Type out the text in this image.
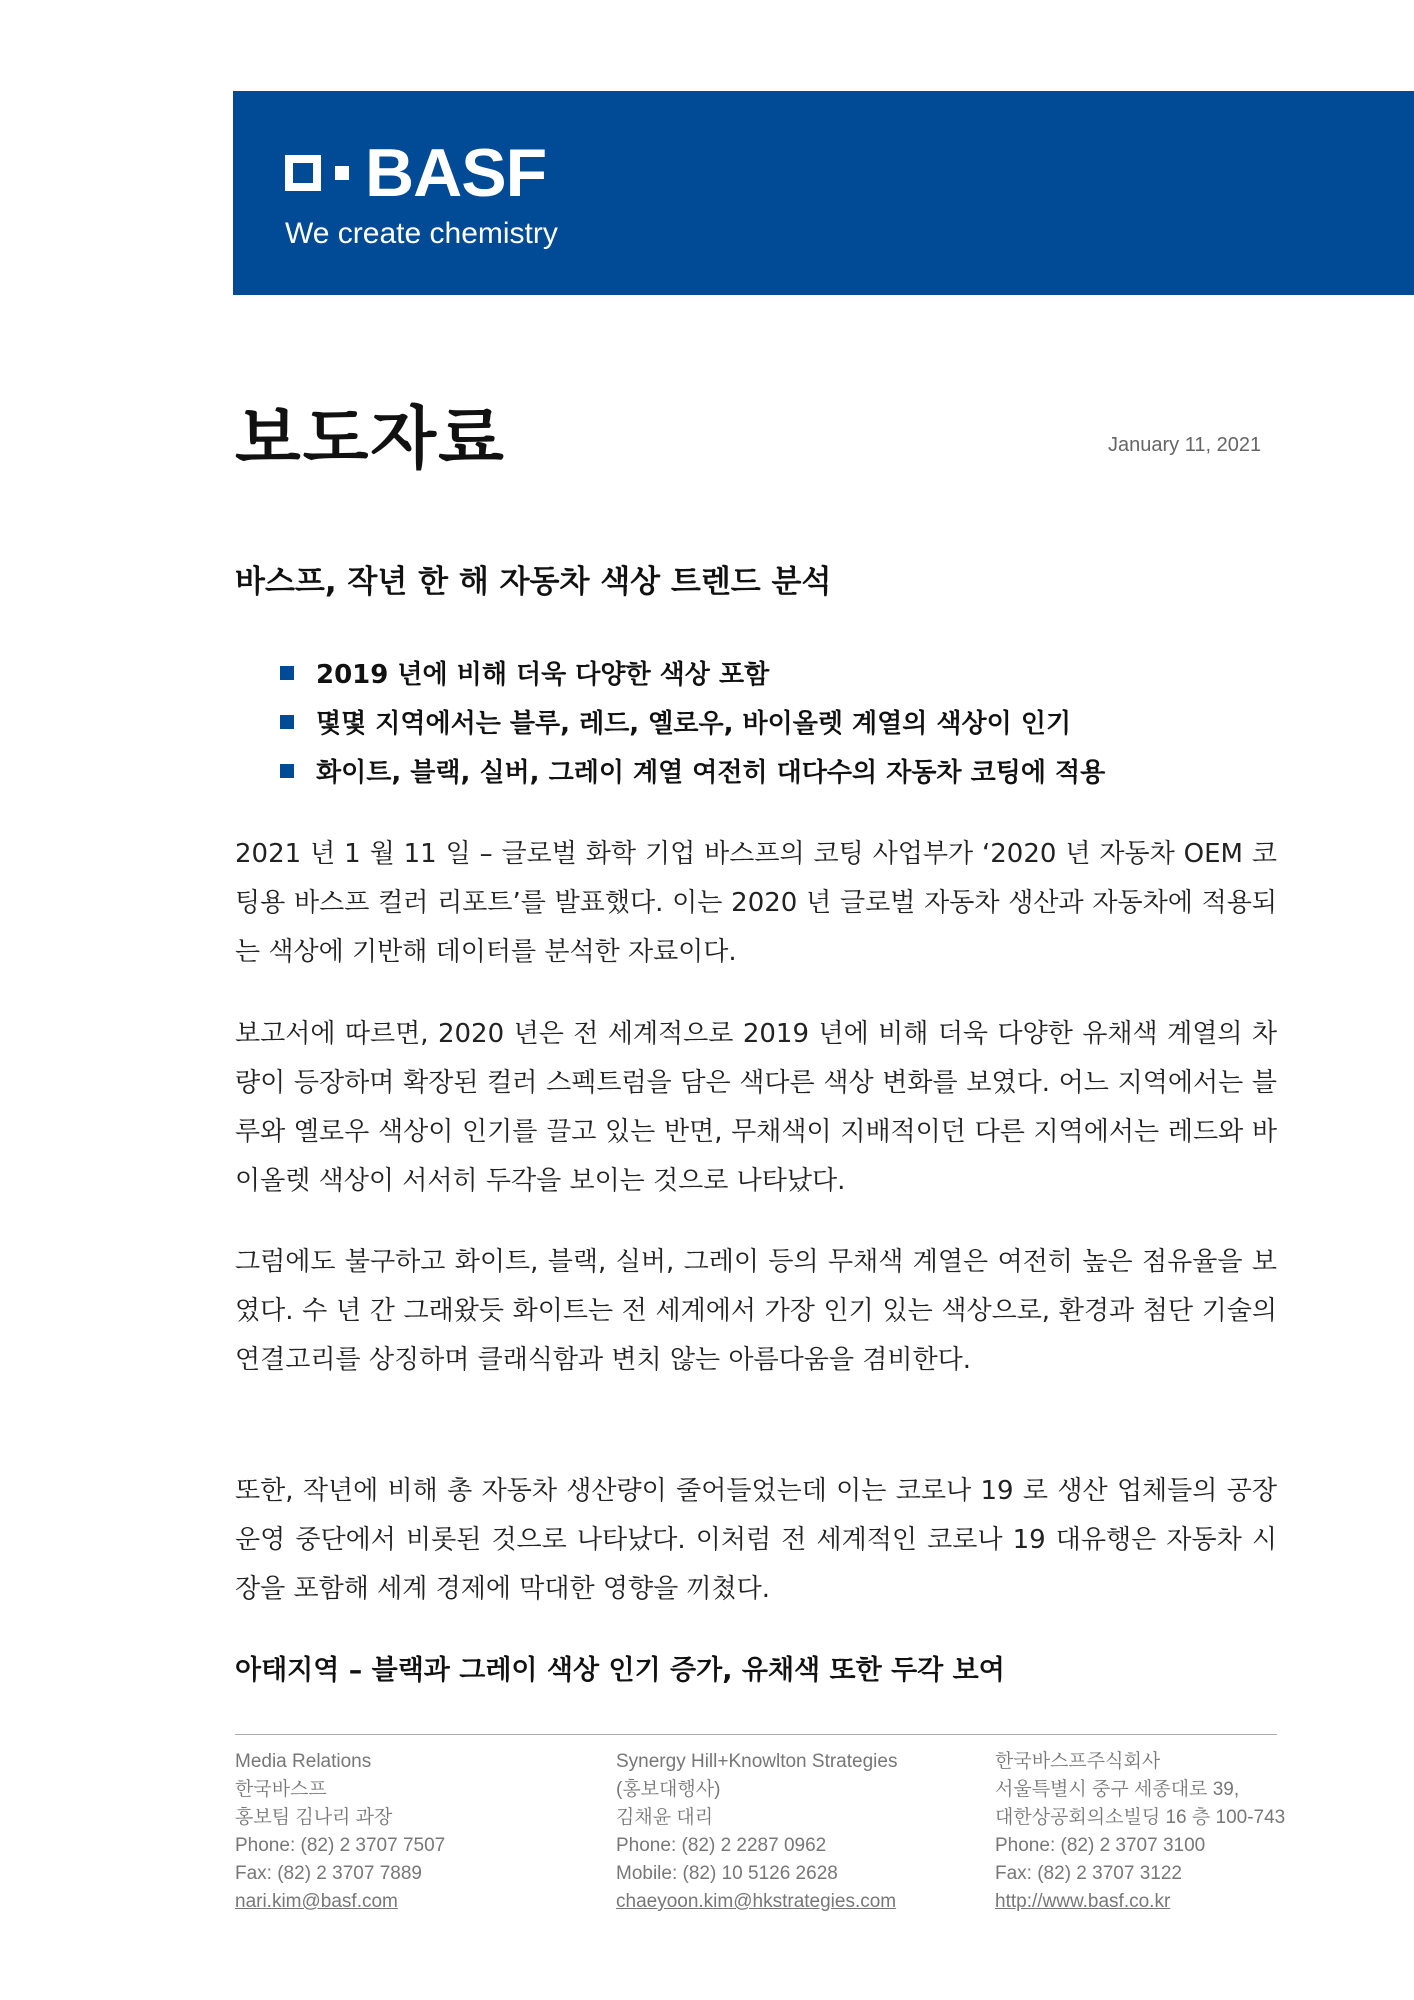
BASF
We create chemistry
보도자료	January 11, 2021
바스프, 작년 한 해 자동차 색상 트렌드 분석
2019 년에 비해 더욱 다양한 색상 포함
몇몇 지역에서는 블루, 레드, 옐로우, 바이올렛 계열의 색상이 인기
화이트, 블랙, 실버, 그레이 계열 여전히 대다수의 자동차 코팅에 적용

2021 년 1 월 11 일 – 글로벌 화학 기업 바스프의 코팅 사업부가 ‘2020 년 자동차 OEM 코팅용 바스프 컬러 리포트’를 발표했다. 이는 2020 년 글로벌 자동차 생산과 자동차에 적용되는 색상에 기반해 데이터를 분석한 자료이다.

보고서에 따르면, 2020 년은 전 세계적으로 2019 년에 비해 더욱 다양한 유채색 계열의 차량이 등장하며 확장된 컬러 스펙트럼을 담은 색다른 색상 변화를 보였다. 어느 지역에서는 블루와 옐로우 색상이 인기를 끌고 있는 반면, 무채색이 지배적이던 다른 지역에서는 레드와 바이올렛 색상이 서서히 두각을 보이는 것으로 나타났다.

그럼에도 불구하고 화이트, 블랙, 실버, 그레이 등의 무채색 계열은 여전히 높은 점유율을 보였다. 수 년 간 그래왔듯 화이트는 전 세계에서 가장 인기 있는 색상으로, 환경과 첨단 기술의 연결고리를 상징하며 클래식함과 변치 않는 아름다움을 겸비한다.

또한, 작년에 비해 총 자동차 생산량이 줄어들었는데 이는 코로나 19 로 생산 업체들의 공장 운영 중단에서 비롯된 것으로 나타났다. 이처럼 전 세계적인 코로나 19 대유행은 자동차 시장을 포함해 세계 경제에 막대한 영향을 끼쳤다.

아태지역 – 블랙과 그레이 색상 인기 증가, 유채색 또한 두각 보여
Media Relations
한국바스프
홍보팀 김나리 과장
Phone: (82) 2 3707 7507
Fax: (82) 2 3707 7889
nari.kim@basf.com
Synergy Hill+Knowlton Strategies
(홍보대행사)
김채윤 대리
Phone: (82) 2 2287 0962
Mobile: (82) 10 5126 2628
chaeyoon.kim@hkstrategies.com
한국바스프주식회사
서울특별시 중구 세종대로 39,
대한상공회의소빌딩 16 층 100-743
Phone: (82) 2 3707 3100
Fax: (82) 2 3707 3122
http://www.basf.co.kr
